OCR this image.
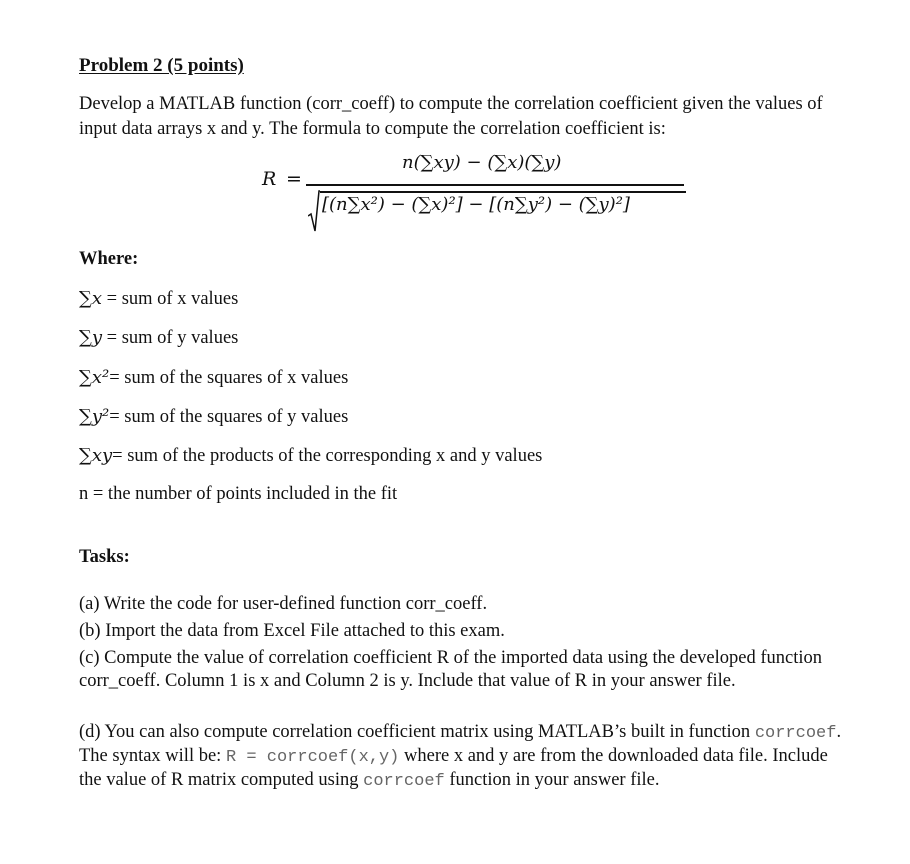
Problem 2 (5 points)
Develop a MATLAB function (corr_coeff) to compute the correlation coefficient given the values of input data arrays x and y. The formula to compute the correlation coefficient is:
R =
n(∑xy) − (∑x)(∑y)
[(n∑x²) − (∑x)²] − [(n∑y²) − (∑y)²]
Where:
∑x = sum of x values
∑y = sum of y values
∑x²= sum of the squares of x values
∑y²= sum of the squares of y values
∑xy= sum of the products of the corresponding x and y values
n = the number of points included in the fit
Tasks:
(a) Write the code for user-defined function corr_coeff.
(b) Import the data from Excel File attached to this exam.
(c) Compute the value of correlation coefficient R of the imported data using the developed function corr_coeff. Column 1 is x and Column 2 is y. Include that value of R in your answer file.
(d) You can also compute correlation coefficient matrix using MATLAB’s built in function corrcoef. The syntax will be: R = corrcoef(x,y) where x and y are from the downloaded data file. Include the value of R matrix computed using corrcoef function in your answer file.
